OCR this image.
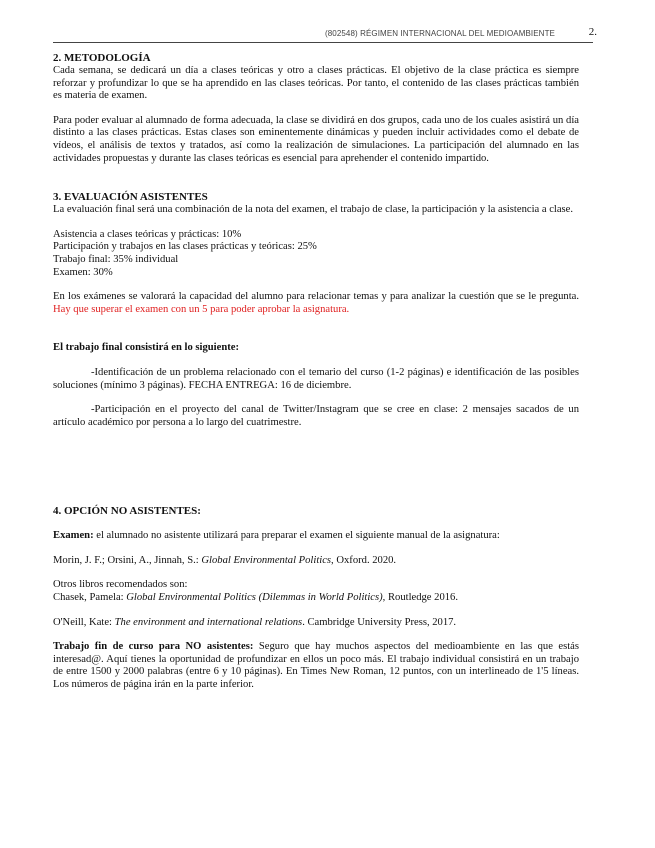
(802548) RÉGIMEN INTERNACIONAL DEL MEDIOAMBIENTE	2.
2. METODOLOGÍA

Cada semana, se dedicará un día a clases teóricas y otro a clases prácticas. El objetivo de la clase práctica es siempre reforzar y profundizar lo que se ha aprendido en las clases teóricas. Por tanto, el contenido de las clases prácticas también es materia de examen.

Para poder evaluar al alumnado de forma adecuada, la clase se dividirá en dos grupos, cada uno de los cuales asistirá un día distinto a las clases prácticas. Estas clases son eminentemente dinámicas y pueden incluir actividades como el debate de vídeos, el análisis de textos y tratados, así como la realización de simulaciones. La participación del alumnado en las actividades propuestas y durante las clases teóricas es esencial para aprehender el contenido impartido.

3. EVALUACIÓN ASISTENTES

La evaluación final será una combinación de la nota del examen, el trabajo de clase, la participación y la asistencia a clase.

Asistencia a clases teóricas y prácticas: 10%
Participación y trabajos en las clases prácticas y teóricas: 25%
Trabajo final: 35% individual
Examen: 30%

En los exámenes se valorará la capacidad del alumno para relacionar temas y para analizar la cuestión que se le pregunta. Hay que superar el examen con un 5 para poder aprobar la asignatura.

El trabajo final consistirá en lo siguiente:

-Identificación de un problema relacionado con el temario del curso (1-2 páginas) e identificación de las posibles soluciones (mínimo 3 páginas). FECHA ENTREGA: 16 de diciembre.

-Participación en el proyecto del canal de Twitter/Instagram que se cree en clase: 2 mensajes sacados de un artículo académico por persona a lo largo del cuatrimestre.

4. OPCIÓN NO ASISTENTES:

Examen: el alumnado no asistente utilizará para preparar el examen el siguiente manual de la asignatura:

Morin, J. F.; Orsini, A., Jinnah, S.: Global Environmental Politics, Oxford. 2020.

Otros libros recomendados son:

Chasek, Pamela: Global Environmental Politics (Dilemmas in World Politics), Routledge 2016.

O'Neill, Kate: The environment and international relations. Cambridge University Press, 2017.

Trabajo fin de curso para NO asistentes: Seguro que hay muchos aspectos del medioambiente en las que estás interesad@. Aquí tienes la oportunidad de profundizar en ellos un poco más. El trabajo individual consistirá en un trabajo de entre 1500 y 2000 palabras (entre 6 y 10 páginas). En Times New Roman, 12 puntos, con un interlineado de 1'5 líneas. Los números de página irán en la parte inferior.
